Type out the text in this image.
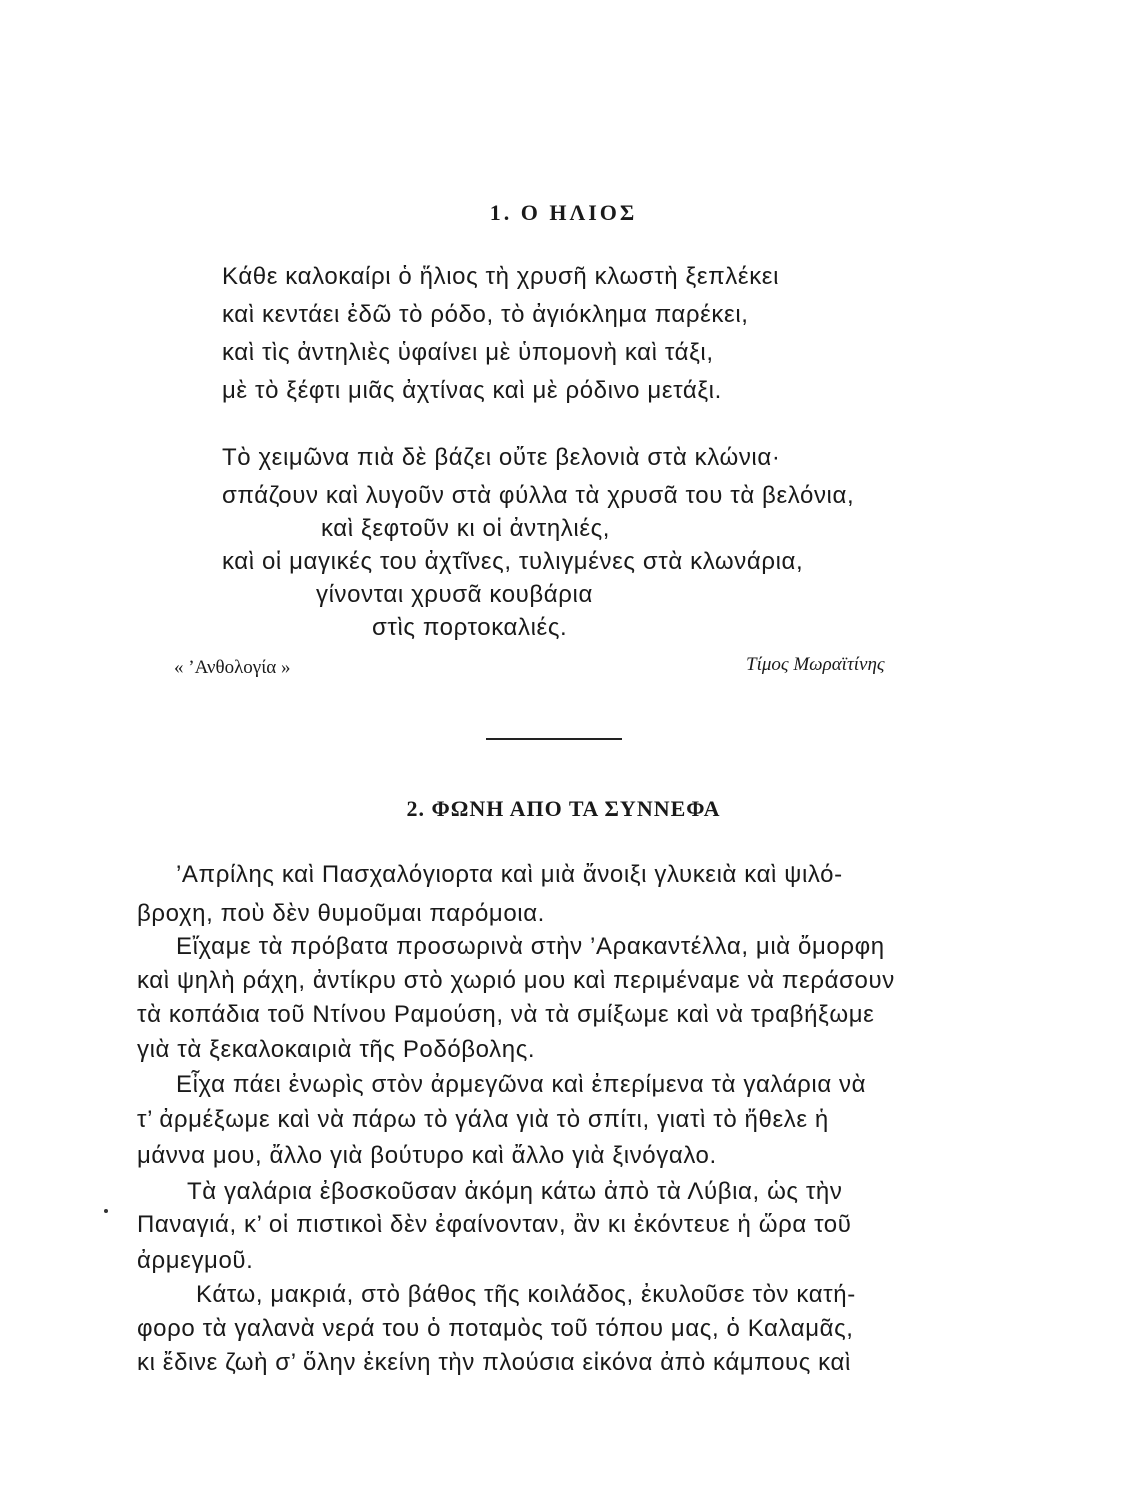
1. Ο ΗΛΙΟΣ
Κάθε καλοκαίρι ὁ ἥλιος τὴ χρυσῆ κλωστὴ ξεπλέκει
καὶ κεντάει ἐδῶ τὸ ρόδο, τὸ ἀγιόκλημα παρέκει,
καὶ τὶς ἀντηλιὲς ὑφαίνει μὲ ὑπομονὴ καὶ τάξι,
μὲ τὸ ξέφτι μιᾶς ἀχτίνας καὶ μὲ ρόδινο μετάξι.
Τὸ χειμῶνα πιὰ δὲ βάζει οὔτε βελονιὰ στὰ κλώνια·
σπάζουν καὶ λυγοῦν στὰ φύλλα τὰ χρυσᾶ του τὰ βελόνια,
καὶ ξεφτοῦν κι οἱ ἀντηλιές,
καὶ οἱ μαγικές του ἀχτῖνες, τυλιγμένες στὰ κλωνάρια,
γίνονται χρυσᾶ κουβάρια
στὶς πορτοκαλιές.
« ’Ανθολογία »	Τίμος Μωραϊτίνης
2. ΦΩΝΗ ΑΠΟ ΤΑ ΣΥΝΝΕΦΑ
’Απρίλης καὶ Πασχαλόγιορτα καὶ μιὰ ἄνοιξι γλυκειὰ καὶ ψιλό-
βροχη, ποὺ δὲν θυμοῦμαι παρόμοια.
Εἴχαμε τὰ πρόβατα προσωρινὰ στὴν ’Αρακαντέλλα, μιὰ ὄμορφη
καὶ ψηλὴ ράχη, ἀντίκρυ στὸ χωριό μου καὶ περιμέναμε νὰ περάσουν
τὰ κοπάδια τοῦ Ντίνου Ραμούση, νὰ τὰ σμίξωμε καὶ νὰ τραβήξωμε
γιὰ τὰ ξεκαλοκαιριὰ τῆς Ροδόβολης.
Εἶχα πάει ἐνωρὶς στὸν ἀρμεγῶνα καὶ ἐπερίμενα τὰ γαλάρια νὰ
τ’ ἀρμέξωμε καὶ νὰ πάρω τὸ γάλα γιὰ τὸ σπίτι, γιατὶ τὸ ἤθελε ἡ
μάννα μου, ἄλλο γιὰ βούτυρο καὶ ἄλλο γιὰ ξινόγαλο.
Τὰ γαλάρια ἐβοσκοῦσαν ἀκόμη κάτω ἀπὸ τὰ Λύβια, ὡς τὴν
Παναγιά, κ’ οἱ πιστικοὶ δὲν ἐφαίνονταν, ἂν κι ἐκόντευε ἡ ὥρα τοῦ
ἀρμεγμοῦ.
Κάτω, μακριά, στὸ βάθος τῆς κοιλάδος, ἐκυλοῦσε τὸν κατή-
φορο τὰ γαλανὰ νερά του ὁ ποταμὸς τοῦ τόπου μας, ὁ Καλαμᾶς,
κι ἔδινε ζωὴ σ’ ὅλην ἐκείνη τὴν πλούσια εἰκόνα ἀπὸ κάμπους καὶ
